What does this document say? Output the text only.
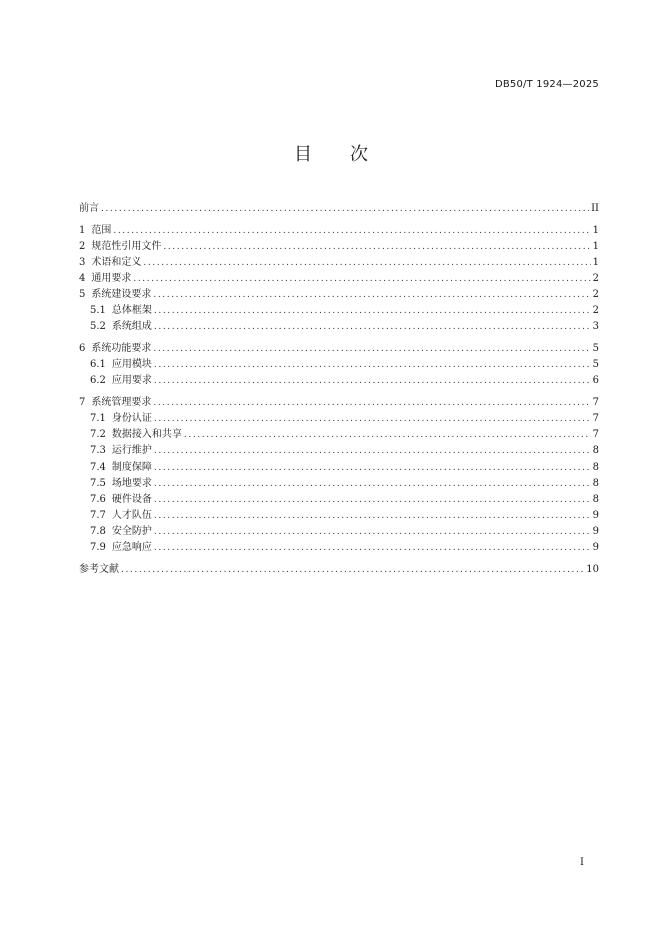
DB50/T 1924—2025
目 次
前言 .....	II
1 范围 .....	1
2 规范性引用文件 .....	1
3 术语和定义 .....	1
4 通用要求 .....	2
5 系统建设要求 .....	2
5.1 总体框架 .....	2
5.2 系统组成 .....	3
6 系统功能要求 .....	5
6.1 应用模块 .....	5
6.2 应用要求 .....	6
7 系统管理要求 .....	7
7.1 身份认证 .....	7
7.2 数据接入和共享 .....	7
7.3 运行维护 .....	8
7.4 制度保障 .....	8
7.5 场地要求 .....	8
7.6 硬件设备 .....	8
7.7 人才队伍 .....	9
7.8 安全防护 .....	9
7.9 应急响应 .....	9
参考文献 .....	10
I
